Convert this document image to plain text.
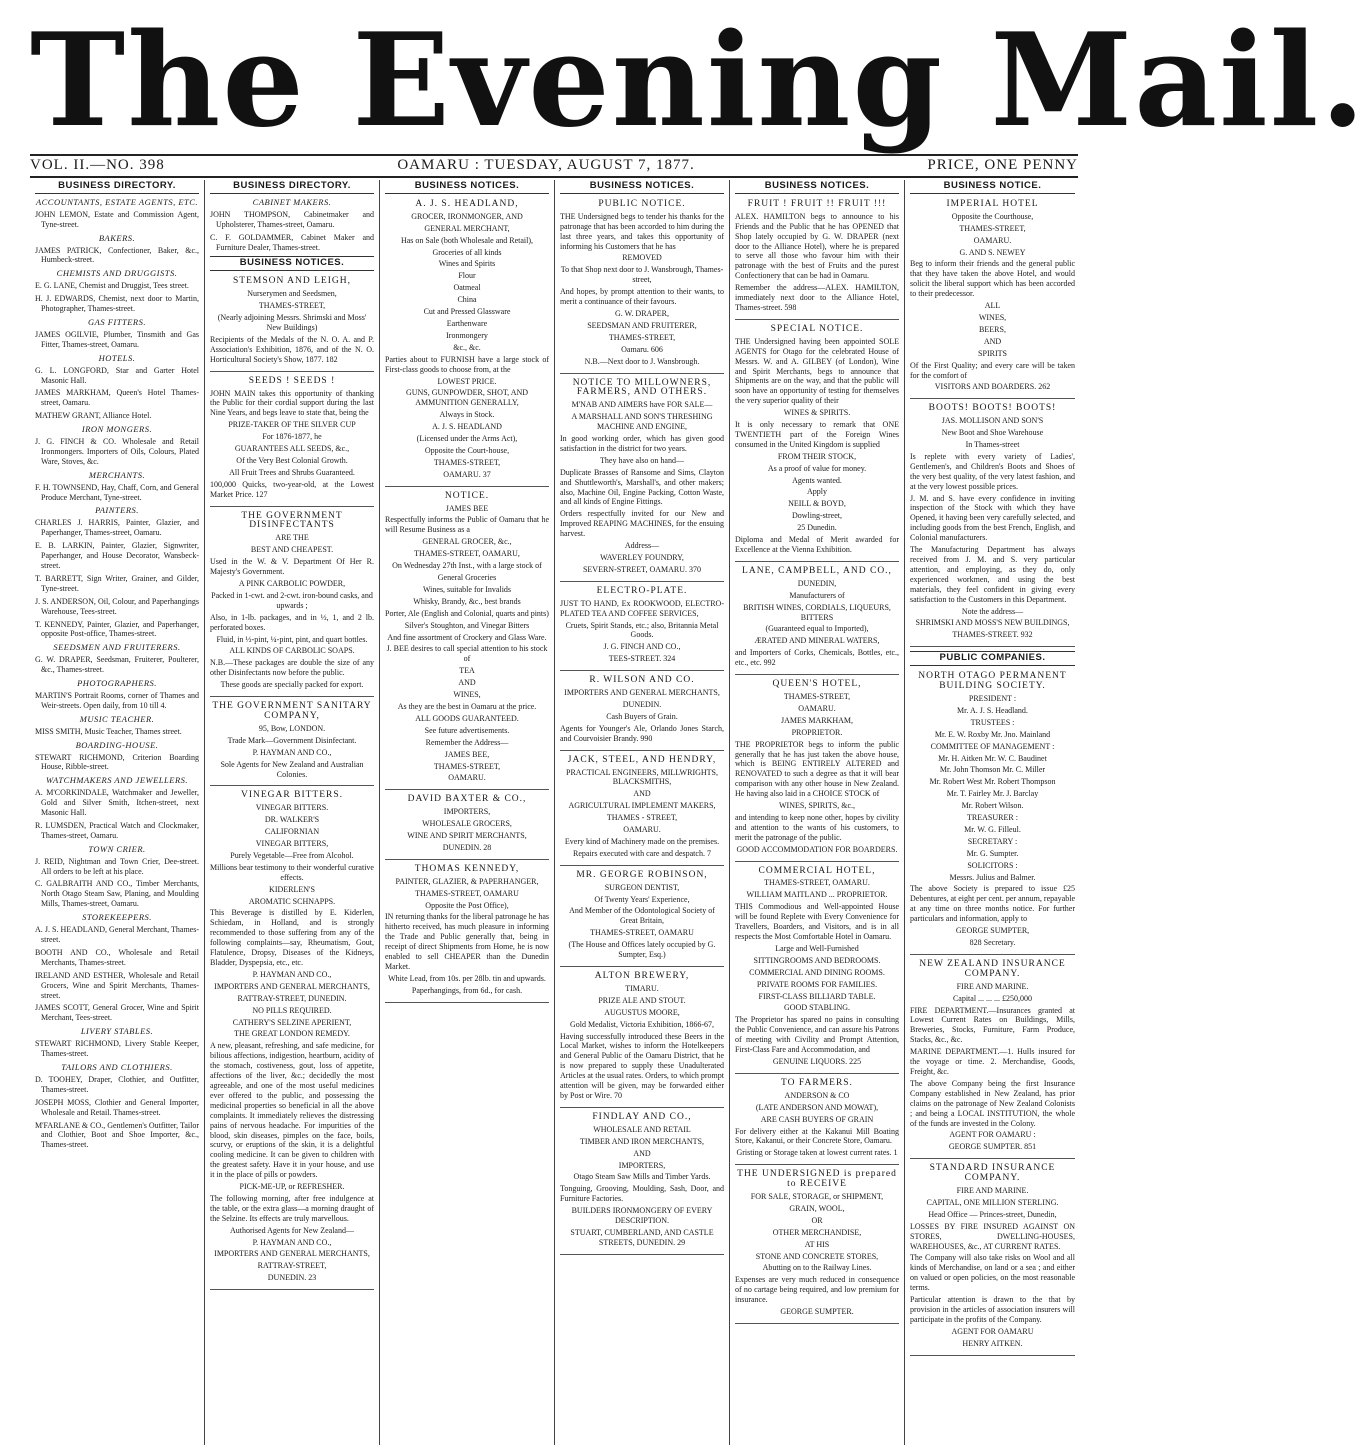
The Evening Mail.
VOL. II.—NO. 398	OAMARU : TUESDAY, AUGUST 7, 1877.	PRICE, ONE PENNY
BUSINESS DIRECTORY.
ACCOUNTANTS, ESTATE AGENTS, ETC.
JOHN LEMON, Estate and Commission Agent, Tyne-street.
BAKERS.
JAMES PATRICK, Confectioner, Baker, &c., Humbeck-street.
CHEMISTS AND DRUGGISTS.
E. G. LANE, Chemist and Druggist, Tees street.
H. J. EDWARDS, Chemist, next door to Martin, Photographer, Thames-street.
GAS FITTERS.
JAMES OGILVIE, Plumber, Tinsmith and Gas Fitter, Thames-street, Oamaru.
HOTELS.
G. L. LONGFORD, Star and Garter Hotel Masonic Hall.
JAMES MARKHAM, Queen's Hotel Thames-street, Oamaru.
MATHEW GRANT, Alliance Hotel.
IRON MONGERS.
J. G. FINCH & CO. Wholesale and Retail Ironmongers. Importers of Oils, Colours, Plated Ware, Stoves, &c.
MERCHANTS.
F. H. TOWNSEND, Hay, Chaff, Corn, and General Produce Merchant, Tyne-street.
PAINTERS.
CHARLES J. HARRIS, Painter, Glazier, and Paperhanger, Thames-street, Oamaru.
E. B. LARKIN, Painter, Glazier, Signwriter, Paperhanger, and House Decorator, Wansbeck-street.
T. BARRETT, Sign Writer, Grainer, and Gilder, Tyne-street.
J. S. ANDERSON, Oil, Colour, and Paperhangings Warehouse, Tees-street.
T. KENNEDY, Painter, Glazier, and Paperhanger, opposite Post-office, Thames-street.
SEEDSMEN AND FRUITERERS.
G. W. DRAPER, Seedsman, Fruiterer, Poulterer, &c., Thames-street.
PHOTOGRAPHERS.
MARTIN'S Portrait Rooms, corner of Thames and Weir-streets. Open daily, from 10 till 4.
MUSIC TEACHER.
MISS SMITH, Music Teacher, Thames street.
BOARDING-HOUSE.
STEWART RICHMOND, Criterion Boarding House, Ribble-street.
WATCHMAKERS AND JEWELLERS.
A. M'CORKINDALE, Watchmaker and Jeweller, Gold and Silver Smith, Itchen-street, next Masonic Hall.
R. LUMSDEN, Practical Watch and Clockmaker, Thames-street, Oamaru.
TOWN CRIER.
J. REID, Nightman and Town Crier, Dee-street. All orders to be left at his place.
C. GALBRAITH AND CO., Timber Merchants, North Otago Steam Saw, Planing, and Moulding Mills, Thames-street, Oamaru.
STOREKEEPERS.
A. J. S. HEADLAND, General Merchant, Thames-street.
BOOTH AND CO., Wholesale and Retail Merchants, Thames-street.
IRELAND AND ESTHER, Wholesale and Retail Grocers, Wine and Spirit Merchants, Thames-street.
JAMES SCOTT, General Grocer, Wine and Spirit Merchant, Tees-street.
LIVERY STABLES.
STEWART RICHMOND, Livery Stable Keeper, Thames-street.
TAILORS AND CLOTHIERS.
D. TOOHEY, Draper, Clothier, and Outfitter, Thames-street.
JOSEPH MOSS, Clothier and General Importer, Wholesale and Retail. Thames-street.
M'FARLANE & CO., Gentlemen's Outfitter, Tailor and Clothier, Boot and Shoe Importer, &c., Thames-street.
BUSINESS DIRECTORY.
CABINET MAKERS.
JOHN THOMPSON, Cabinetmaker and Upholsterer, Thames-street, Oamaru.
C. F. GOLDAMMER, Cabinet Maker and Furniture Dealer, Thames-street.
BUSINESS NOTICES.

STEMSON AND LEIGH,

Nurserymen and Seedsmen,

THAMES-STREET,

(Nearly adjoining Messrs. Shrimski and Moss' New Buildings)

Recipients of the Medals of the N. O. A. and P. Association's Exhibition, 1876, and of the N. O. Horticultural Society's Show, 1877. 182

SEEDS ! SEEDS !

JOHN MAIN takes this opportunity of thanking the Public for their cordial support during the last Nine Years, and begs leave to state that, being the

PRIZE-TAKER OF THE SILVER CUP

For 1876-1877, he

GUARANTEES ALL SEEDS, &c.,

Of the Very Best Colonial Growth.

All Fruit Trees and Shrubs Guaranteed.

100,000 Quicks, two-year-old, at the Lowest Market Price. 127

THE GOVERNMENT DISINFECTANTS

ARE THE

BEST AND CHEAPEST.

Used in the W. & V. Department Of Her R. Majesty's Government.

A PINK CARBOLIC POWDER,

Packed in 1-cwt. and 2-cwt. iron-bound casks, and upwards ;

Also, in 1-lb. packages, and in ½, 1, and 2 lb. perforated boxes.

Fluid, in ½-pint, ¼-pint, pint, and quart bottles.

ALL KINDS OF CARBOLIC SOAPS.

N.B.—These packages are double the size of any other Disinfectants now before the public.

These goods are specially packed for export.

THE GOVERNMENT SANITARY COMPANY,

95, Bow, LONDON.

Trade Mark—Government Disinfectant.

P. HAYMAN AND CO.,

Sole Agents for New Zealand and Australian Colonies.

VINEGAR BITTERS.

VINEGAR BITTERS.

DR. WALKER'S

CALIFORNIAN

VINEGAR BITTERS,

Purely Vegetable—Free from Alcohol.

Millions bear testimony to their wonderful curative effects.

KIDERLEN'S

AROMATIC SCHNAPPS.

This Beverage is distilled by E. Kiderlen, Schiedam, in Holland, and is strongly recommended to those suffering from any of the following complaints—say, Rheumatism, Gout, Flatulence, Dropsy, Diseases of the Kidneys, Bladder, Dyspepsia, etc., etc.

P. HAYMAN AND CO.,

IMPORTERS AND GENERAL MERCHANTS,

RATTRAY-STREET, DUNEDIN.

NO PILLS REQUIRED.

CATHERY'S SELZINE APERIENT,

THE GREAT LONDON REMEDY.

A new, pleasant, refreshing, and safe medicine, for bilious affections, indigestion, heartburn, acidity of the stomach, costiveness, gout, loss of appetite, affections of the liver, &c.; decidedly the most agreeable, and one of the most useful medicines ever offered to the public, and possessing the medicinal properties so beneficial in all the above complaints. It immediately relieves the distressing pains of nervous headache. For impurities of the blood, skin diseases, pimples on the face, boils, scurvy, or eruptions of the skin, it is a delightful cooling medicine. It can be given to children with the greatest safety. Have it in your house, and use it in the place of pills or powders.

PICK-ME-UP, or REFRESHER.

The following morning, after free indulgence at the table, or the extra glass—a morning draught of the Selzine. Its effects are truly marvellous.

Authorised Agents for New Zealand—

P. HAYMAN AND CO.,

IMPORTERS AND GENERAL MERCHANTS,

RATTRAY-STREET,

DUNEDIN. 23

BUSINESS NOTICES.

A. J. S. HEADLAND,

GROCER, IRONMONGER, AND

GENERAL MERCHANT,

Has on Sale (both Wholesale and Retail),

Groceries of all kinds

Wines and Spirits

Flour

Oatmeal

China

Cut and Pressed Glassware

Earthenware

Ironmongery

&c., &c.

Parties about to FURNISH have a large stock of First-class goods to choose from, at the

LOWEST PRICE.

GUNS, GUNPOWDER, SHOT, AND AMMUNITION GENERALLY,

Always in Stock.

A. J. S. HEADLAND

(Licensed under the Arms Act),

Opposite the Court-house,

THAMES-STREET,

OAMARU. 37

NOTICE.

JAMES BEE

Respectfully informs the Public of Oamaru that he will Resume Business as a

GENERAL GROCER, &c.,

THAMES-STREET, OAMARU,

On Wednesday 27th Inst., with a large stock of

General Groceries

Wines, suitable for Invalids

Whisky, Brandy, &c., best brands

Porter, Ale (English and Colonial, quarts and pints)

Silver's Stoughton, and Vinegar Bitters

And fine assortment of Crockery and Glass Ware.

J. BEE desires to call special attention to his stock of

TEA

AND

WINES,

As they are the best in Oamaru at the price.

ALL GOODS GUARANTEED.

See future advertisements.

Remember the Address—

JAMES BEE,

THAMES-STREET,

OAMARU.

DAVID BAXTER & CO.,

IMPORTERS,

WHOLESALE GROCERS,

WINE AND SPIRIT MERCHANTS,

DUNEDIN. 28

THOMAS KENNEDY,

PAINTER, GLAZIER, & PAPERHANGER,

THAMES-STREET, OAMARU

Opposite the Post Office),

IN returning thanks for the liberal patronage he has hitherto received, has much pleasure in informing the Trade and Public generally that, being in receipt of direct Shipments from Home, he is now enabled to sell CHEAPER than the Dunedin Market.

White Lead, from 10s. per 28lb. tin and upwards.

Paperhangings, from 6d., for cash.

BUSINESS NOTICES.

PUBLIC NOTICE.

THE Undersigned begs to tender his thanks for the patronage that has been accorded to him during the last three years, and takes this opportunity of informing his Customers that he has

REMOVED

To that Shop next door to J. Wansbrough, Thames-street,

And hopes, by prompt attention to their wants, to merit a continuance of their favours.

G. W. DRAPER,

SEEDSMAN AND FRUITERER,

THAMES-STREET,

Oamaru. 606

N.B.—Next door to J. Wansbrough.

NOTICE TO MILLOWNERS, FARMERS, AND OTHERS.

M'NAB AND AIMERS have FOR SALE—

A MARSHALL AND SON'S THRESHING MACHINE AND ENGINE,

In good working order, which has given good satisfaction in the district for two years.

They have also on hand—

Duplicate Brasses of Ransome and Sims, Clayton and Shuttleworth's, Marshall's, and other makers; also, Machine Oil, Engine Packing, Cotton Waste, and all kinds of Engine Fittings.

Orders respectfully invited for our New and Improved REAPING MACHINES, for the ensuing harvest.

Address—

WAVERLEY FOUNDRY,

SEVERN-STREET, OAMARU. 370

ELECTRO-PLATE.

JUST TO HAND, Ex ROOKWOOD, ELECTRO-PLATED TEA AND COFFEE SERVICES,

Cruets, Spirit Stands, etc.; also, Britannia Metal Goods.

J. G. FINCH AND CO.,

TEES-STREET. 324

R. WILSON AND CO.

IMPORTERS AND GENERAL MERCHANTS,

DUNEDIN.

Cash Buyers of Grain.

Agents for Younger's Ale, Orlando Jones Starch, and Courvoisier Brandy. 990

JACK, STEEL, AND HENDRY,

PRACTICAL ENGINEERS, MILLWRIGHTS, BLACKSMITHS,

AND

AGRICULTURAL IMPLEMENT MAKERS,

THAMES - STREET,

OAMARU.

Every kind of Machinery made on the premises.

Repairs executed with care and despatch. 7

MR. GEORGE ROBINSON,

SURGEON DENTIST,

Of Twenty Years' Experience,

And Member of the Odontological Society of Great Britain,

THAMES-STREET, OAMARU

(The House and Offices lately occupied by G. Sumpter, Esq.)

ALTON BREWERY,

TIMARU.

PRIZE ALE AND STOUT.

AUGUSTUS MOORE,

Gold Medalist, Victoria Exhibition, 1866-67,

Having successfully introduced these Beers in the Local Market, wishes to inform the Hotelkeepers and General Public of the Oamaru District, that he is now prepared to supply these Unadulterated Articles at the usual rates. Orders, to which prompt attention will be given, may be forwarded either by Post or Wire. 70

FINDLAY AND CO.,

WHOLESALE AND RETAIL

TIMBER AND IRON MERCHANTS,

AND

IMPORTERS,

Otago Steam Saw Mills and Timber Yards.

Tonguing, Grooving, Moulding, Sash, Door, and Furniture Factories.

BUILDERS IRONMONGERY OF EVERY DESCRIPTION.

STUART, CUMBERLAND, AND CASTLE STREETS, DUNEDIN. 29

BUSINESS NOTICES.

FRUIT ! FRUIT !! FRUIT !!!

ALEX. HAMILTON begs to announce to his Friends and the Public that he has OPENED that Shop lately occupied by G. W. DRAPER (next door to the Alliance Hotel), where he is prepared to serve all those who favour him with their patronage with the best of Fruits and the purest Confectionery that can be had in Oamaru.

Remember the address—ALEX. HAMILTON, immediately next door to the Alliance Hotel, Thames-street. 598

SPECIAL NOTICE.

THE Undersigned having been appointed SOLE AGENTS for Otago for the celebrated House of Messrs. W. and A. GILBEY (of London), Wine and Spirit Merchants, begs to announce that Shipments are on the way, and that the public will soon have an opportunity of testing for themselves the very superior quality of their

WINES & SPIRITS.

It is only necessary to remark that ONE TWENTIETH part of the Foreign Wines consumed in the United Kingdom is supplied

FROM THEIR STOCK,

As a proof of value for money.

Agents wanted.

Apply

NEILL & BOYD,

Dowling-street,

25 Dunedin.

Diploma and Medal of Merit awarded for Excellence at the Vienna Exhibition.

LANE, CAMPBELL, AND CO.,

DUNEDIN,

Manufacturers of

BRITISH WINES, CORDIALS, LIQUEURS, BITTERS

(Guaranteed equal to Imported),

ÆRATED AND MINERAL WATERS,

and Importers of Corks, Chemicals, Bottles, etc., etc., etc. 992

QUEEN'S HOTEL,

THAMES-STREET,

OAMARU.

JAMES MARKHAM,

PROPRIETOR.

THE PROPRIETOR begs to inform the public generally that he has just taken the above house, which is BEING ENTIRELY ALTERED and RENOVATED to such a degree as that it will bear comparison with any other house in New Zealand. He having also laid in a CHOICE STOCK of

WINES, SPIRITS, &c.,

and intending to keep none other, hopes by civility and attention to the wants of his customers, to merit the patronage of the public.

GOOD ACCOMMODATION FOR BOARDERS.

COMMERCIAL HOTEL,

THAMES-STREET, OAMARU.

WILLIAM MAITLAND ... PROPRIETOR.

THIS Commodious and Well-appointed House will be found Replete with Every Convenience for Travellers, Boarders, and Visitors, and is in all respects the Most Comfortable Hotel in Oamaru.

Large and Well-Furnished

SITTINGROOMS AND BEDROOMS.

COMMERCIAL AND DINING ROOMS.

PRIVATE ROOMS FOR FAMILIES.

FIRST-CLASS BILLIARD TABLE.

GOOD STABLING.

The Proprietor has spared no pains in consulting the Public Convenience, and can assure his Patrons of meeting with Civility and Prompt Attention, First-Class Fare and Accommodation, and

GENUINE LIQUORS. 225

TO FARMERS.

ANDERSON & CO

(LATE ANDERSON AND MOWAT),

ARE CASH BUYERS OF GRAIN

For delivery either at the Kakanui Mill Boating Store, Kakanui, or their Concrete Store, Oamaru.

Gristing or Storage taken at lowest current rates. 1

THE UNDERSIGNED is prepared to RECEIVE

FOR SALE, STORAGE, or SHIPMENT,

GRAIN, WOOL,

OR

OTHER MERCHANDISE,

AT HIS

STONE AND CONCRETE STORES,

Abutting on to the Railway Lines.

Expenses are very much reduced in consequence of no cartage being required, and low premium for insurance.

GEORGE SUMPTER.

BUSINESS NOTICE.

IMPERIAL HOTEL

Opposite the Courthouse,

THAMES-STREET,

OAMARU.

G. AND S. NEWEY

Beg to inform their friends and the general public that they have taken the above Hotel, and would solicit the liberal support which has been accorded to their predecessor.

ALL

WINES,

BEERS,

AND

SPIRITS

Of the First Quality; and every care will be taken for the comfort of

VISITORS AND BOARDERS. 262

BOOTS! BOOTS! BOOTS!

JAS. MOLLISON AND SON'S

New Boot and Shoe Warehouse

In Thames-street

Is replete with every variety of Ladies', Gentlemen's, and Children's Boots and Shoes of the very best quality, of the very latest fashion, and at the very lowest possible prices.

J. M. and S. have every confidence in inviting inspection of the Stock with which they have Opened, it having been very carefully selected, and including goods from the best French, English, and Colonial manufacturers.

The Manufacturing Department has always received from J. M. and S. very particular attention, and employing, as they do, only experienced workmen, and using the best materials, they feel confident in giving every satisfaction to the Customers in this Department.

Note the address—

SHRIMSKI AND MOSS'S NEW BUILDINGS,

THAMES-STREET. 932

PUBLIC COMPANIES.

NORTH OTAGO PERMANENT BUILDING SOCIETY.

PRESIDENT :

Mr. A. J. S. Headland.

TRUSTEES :

Mr. E. W. Roxby Mr. Jno. Mainland

COMMITTEE OF MANAGEMENT :

Mr. H. Aitken Mr. W. C. Baudinet

Mr. John Thomson Mr. C. Miller

Mr. Robert West Mr. Robert Thompson

Mr. T. Fairley Mr. J. Barclay

Mr. Robert Wilson.

TREASURER :

Mr. W. G. Filleul.

SECRETARY :

Mr. G. Sumpter.

SOLICITORS :

Messrs. Julius and Balmer.

The above Society is prepared to issue £25 Debentures, at eight per cent. per annum, repayable at any time on three months notice. For further particulars and information, apply to

GEORGE SUMPTER,

828 Secretary.

NEW ZEALAND INSURANCE COMPANY.

FIRE AND MARINE.

Capital ... ... ... £250,000

FIRE DEPARTMENT.—Insurances granted at Lowest Current Rates on Buildings, Mills, Breweries, Stocks, Furniture, Farm Produce, Stacks, &c., &c.

MARINE DEPARTMENT.—1. Hulls insured for the voyage or time. 2. Merchandise, Goods, Freight, &c.

The above Company being the first Insurance Company established in New Zealand, has prior claims on the patronage of New Zealand Colonists ; and being a LOCAL INSTITUTION, the whole of the funds are invested in the Colony.

AGENT FOR OAMARU :

GEORGE SUMPTER. 851

STANDARD INSURANCE COMPANY.

FIRE AND MARINE.

CAPITAL, ONE MILLION STERLING.

Head Office — Princes-street, Dunedin,

LOSSES BY FIRE INSURED AGAINST ON STORES, DWELLING-HOUSES, WAREHOUSES, &c., AT CURRENT RATES.

The Company will also take risks on Wool and all kinds of Merchandise, on land or a sea ; and either on valued or open policies, on the most reasonable terms.

Particular attention is drawn to the that by provision in the articles of association insurers will participate in the profits of the Company.

AGENT FOR OAMARU

HENRY AITKEN.
